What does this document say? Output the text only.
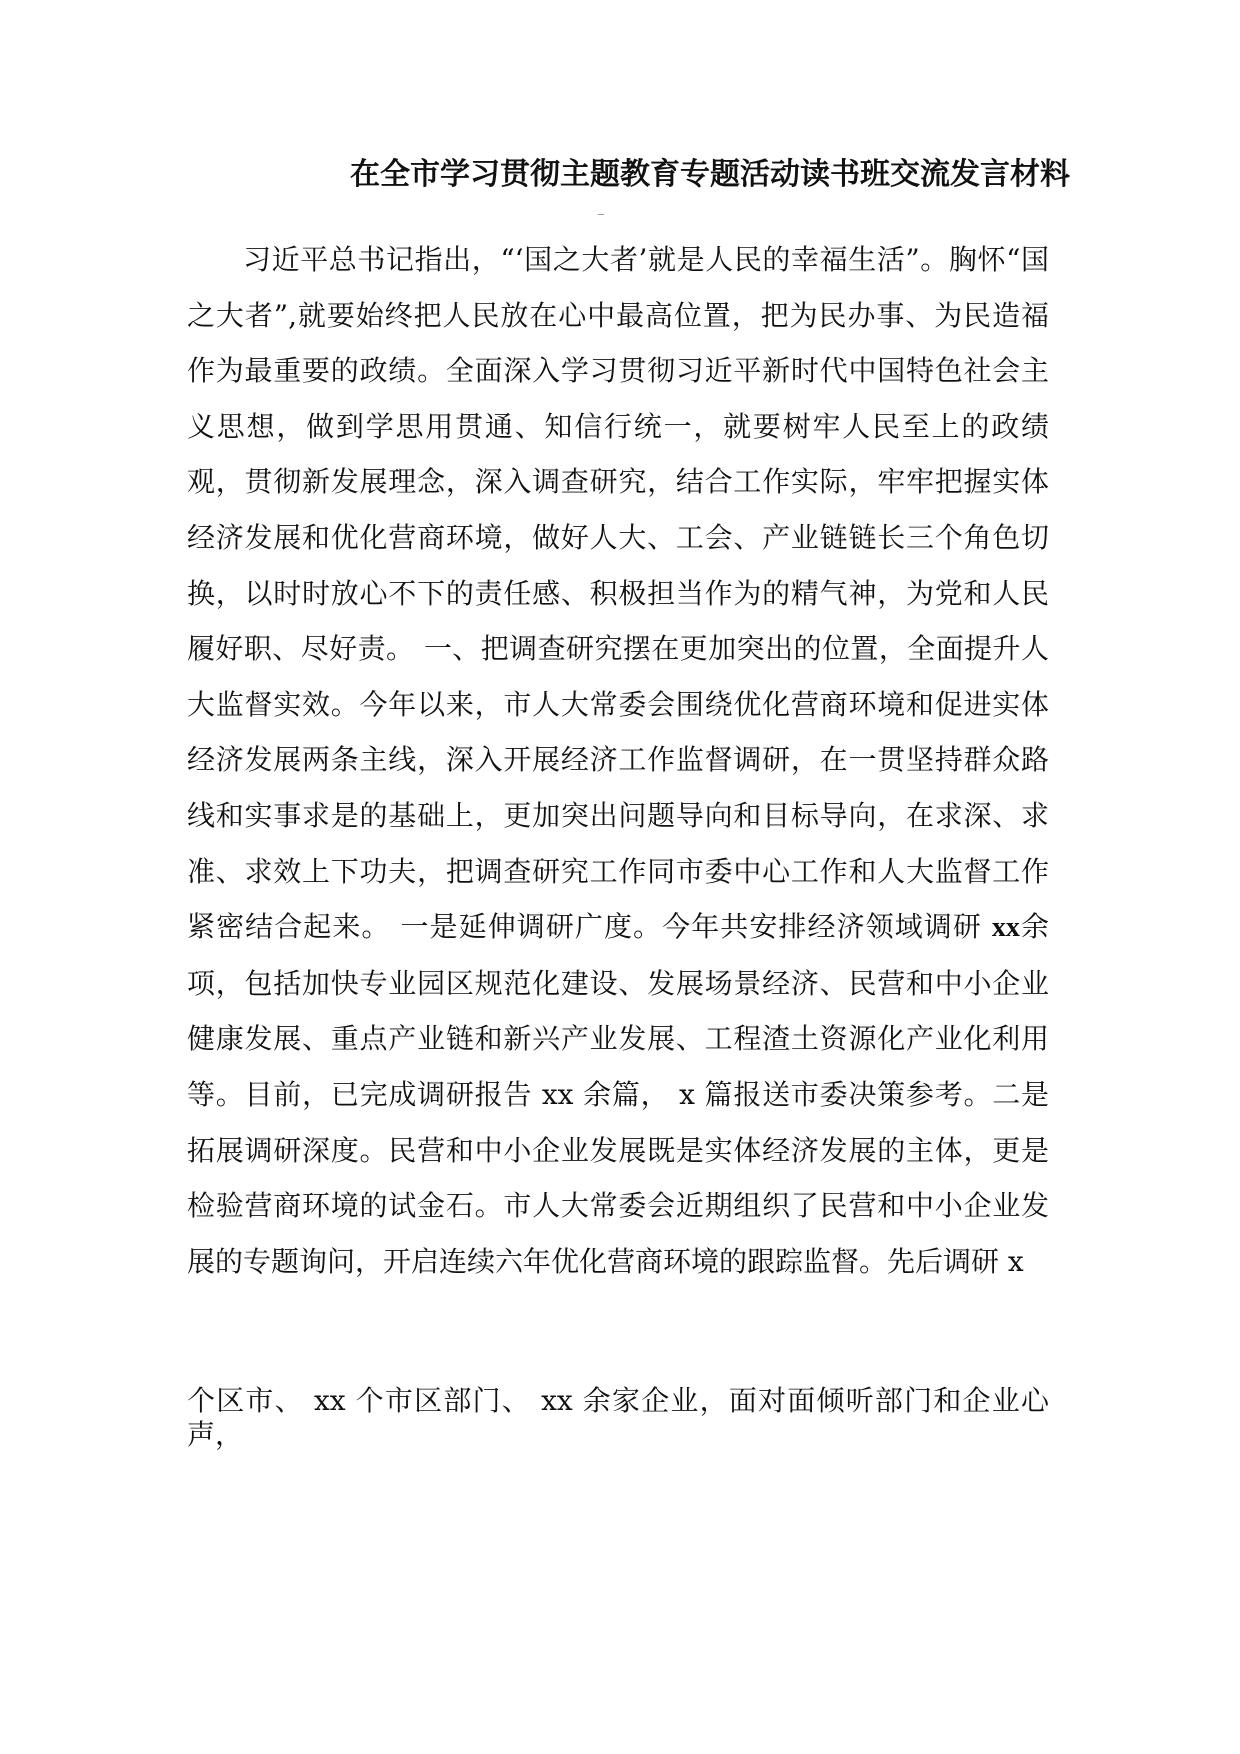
在全市学习贯彻主题教育专题活动读书班交流发言材料

习近平总书记指出，“‘国之大者’就是人民的幸福生活”。胸怀“国之大者”,就要始终把人民放在心中最高位置，把为民办事、为民造福作为最重要的政绩。全面深入学习贯彻习近平新时代中国特色社会主义思想，做到学思用贯通、知信行统一，就要树牢人民至上的政绩观，贯彻新发展理念，深入调查研究，结合工作实际，牢牢把握实体经济发展和优化营商环境，做好人大、工会、产业链链长三个角色切换，以时时放心不下的责任感、积极担当作为的精气神，为党和人民履好职、尽好责。 一、把调查研究摆在更加突出的位置，全面提升人大监督实效。今年以来，市人大常委会围绕优化营商环境和促进实体经济发展两条主线，深入开展经济工作监督调研，在一贯坚持群众路线和实事求是的基础上，更加突出问题导向和目标导向，在求深、求准、求效上下功夫，把调查研究工作同市委中心工作和人大监督工作紧密结合起来。 一是延伸调研广度。今年共安排经济领域调研 xx余项，包括加快专业园区规范化建设、发展场景经济、民营和中小企业健康发展、重点产业链和新兴产业发展、工程渣土资源化产业化利用等。目前，已完成调研报告 xx 余篇， x 篇报送市委决策参考。二是 拓展调研深度。民营和中小企业发展既是实体经济发展的主体，更是 检验营商环境的试金石。市人大常委会近期组织了民营和中小企业发 展的专题询问，开启连续六年优化营商环境的跟踪监督。先后调研 x

个区市、 xx 个市区部门、 xx 余家企业，面对面倾听部门和企业心声，
